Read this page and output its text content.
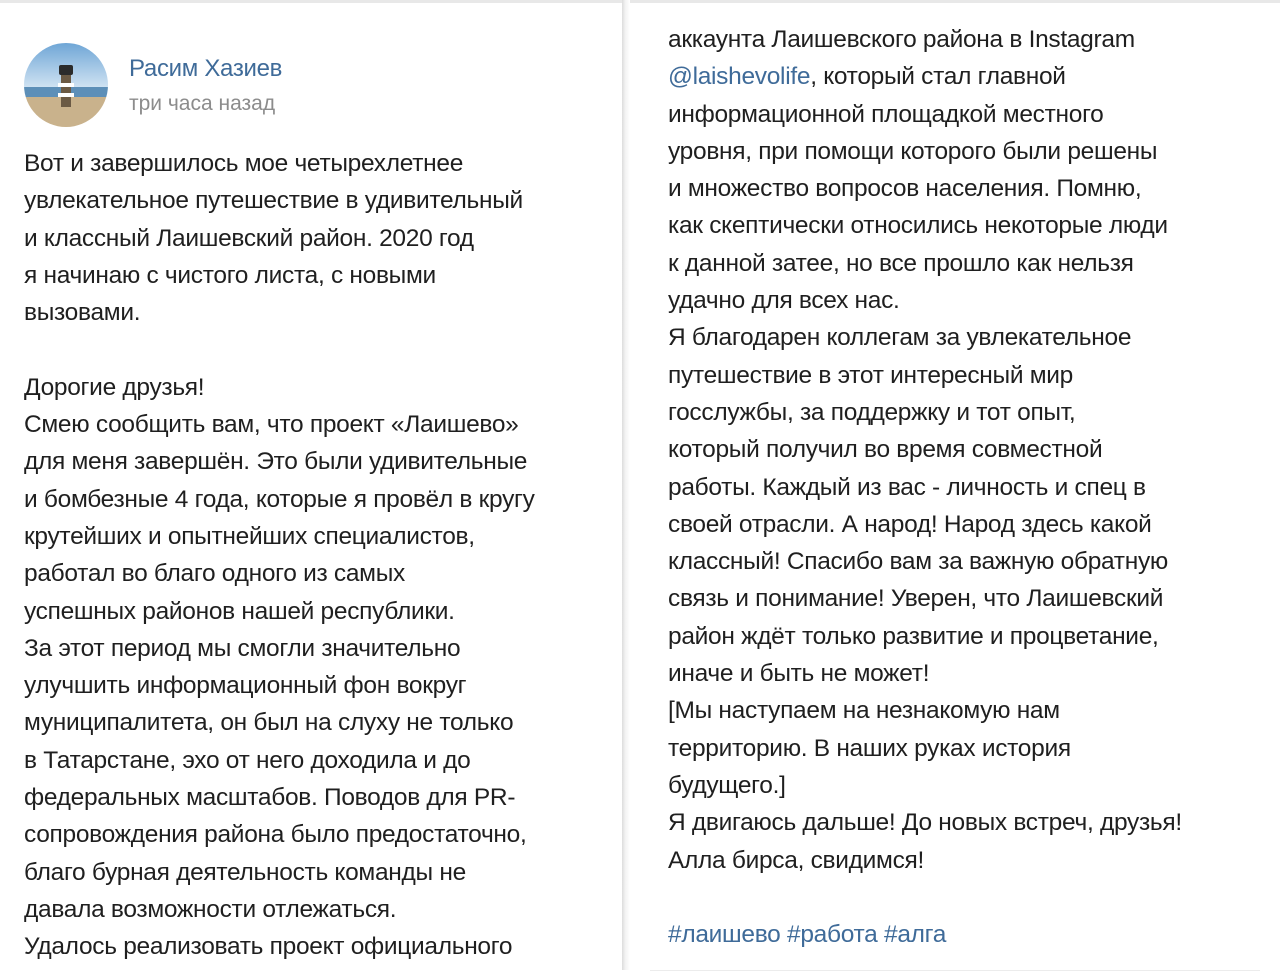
Расим Хазиев
три часа назад
Вот и завершилось мое четырехлетнее
увлекательное путешествие в удивительный
и классный Лаишевский район. 2020 год
я начинаю с чистого листа, с новыми
вызовами.
Дорогие друзья!
Смею сообщить вам, что проект «Лаишево»
для меня завершён. Это были удивительные
и бомбезные 4 года, которые я провёл в кругу
крутейших и опытнейших специалистов,
работал во благо одного из самых
успешных районов нашей республики.
За этот период мы смогли значительно
улучшить информационный фон вокруг
муниципалитета, он был на слуху не только
в Татарстане, эхо от него доходила и до
федеральных масштабов. Поводов для PR-
сопровождения района было предостаточно,
благо бурная деятельность команды не
давала возможности отлежаться.
Удалось реализовать проект официального
аккаунта Лаишевского района в Instagram
@laishevolife, который стал главной
информационной площадкой местного
уровня, при помощи которого были решены
и множество вопросов населения. Помню,
как скептически относились некоторые люди
к данной затее, но все прошло как нельзя
удачно для всех нас.
Я благодарен коллегам за увлекательное
путешествие в этот интересный мир
госслужбы, за поддержку и тот опыт,
который получил во время совместной
работы. Каждый из вас - личность и спец в
своей отрасли. А народ! Народ здесь какой
классный! Спасибо вам за важную обратную
связь и понимание! Уверен, что Лаишевский
район ждёт только развитие и процветание,
иначе и быть не может!
[Мы наступаем на незнакомую нам
территорию. В наших руках история
будущего.]
Я двигаюсь дальше! До новых встреч, друзья!
Алла бирса, свидимся!
#лаишево #работа #алга
